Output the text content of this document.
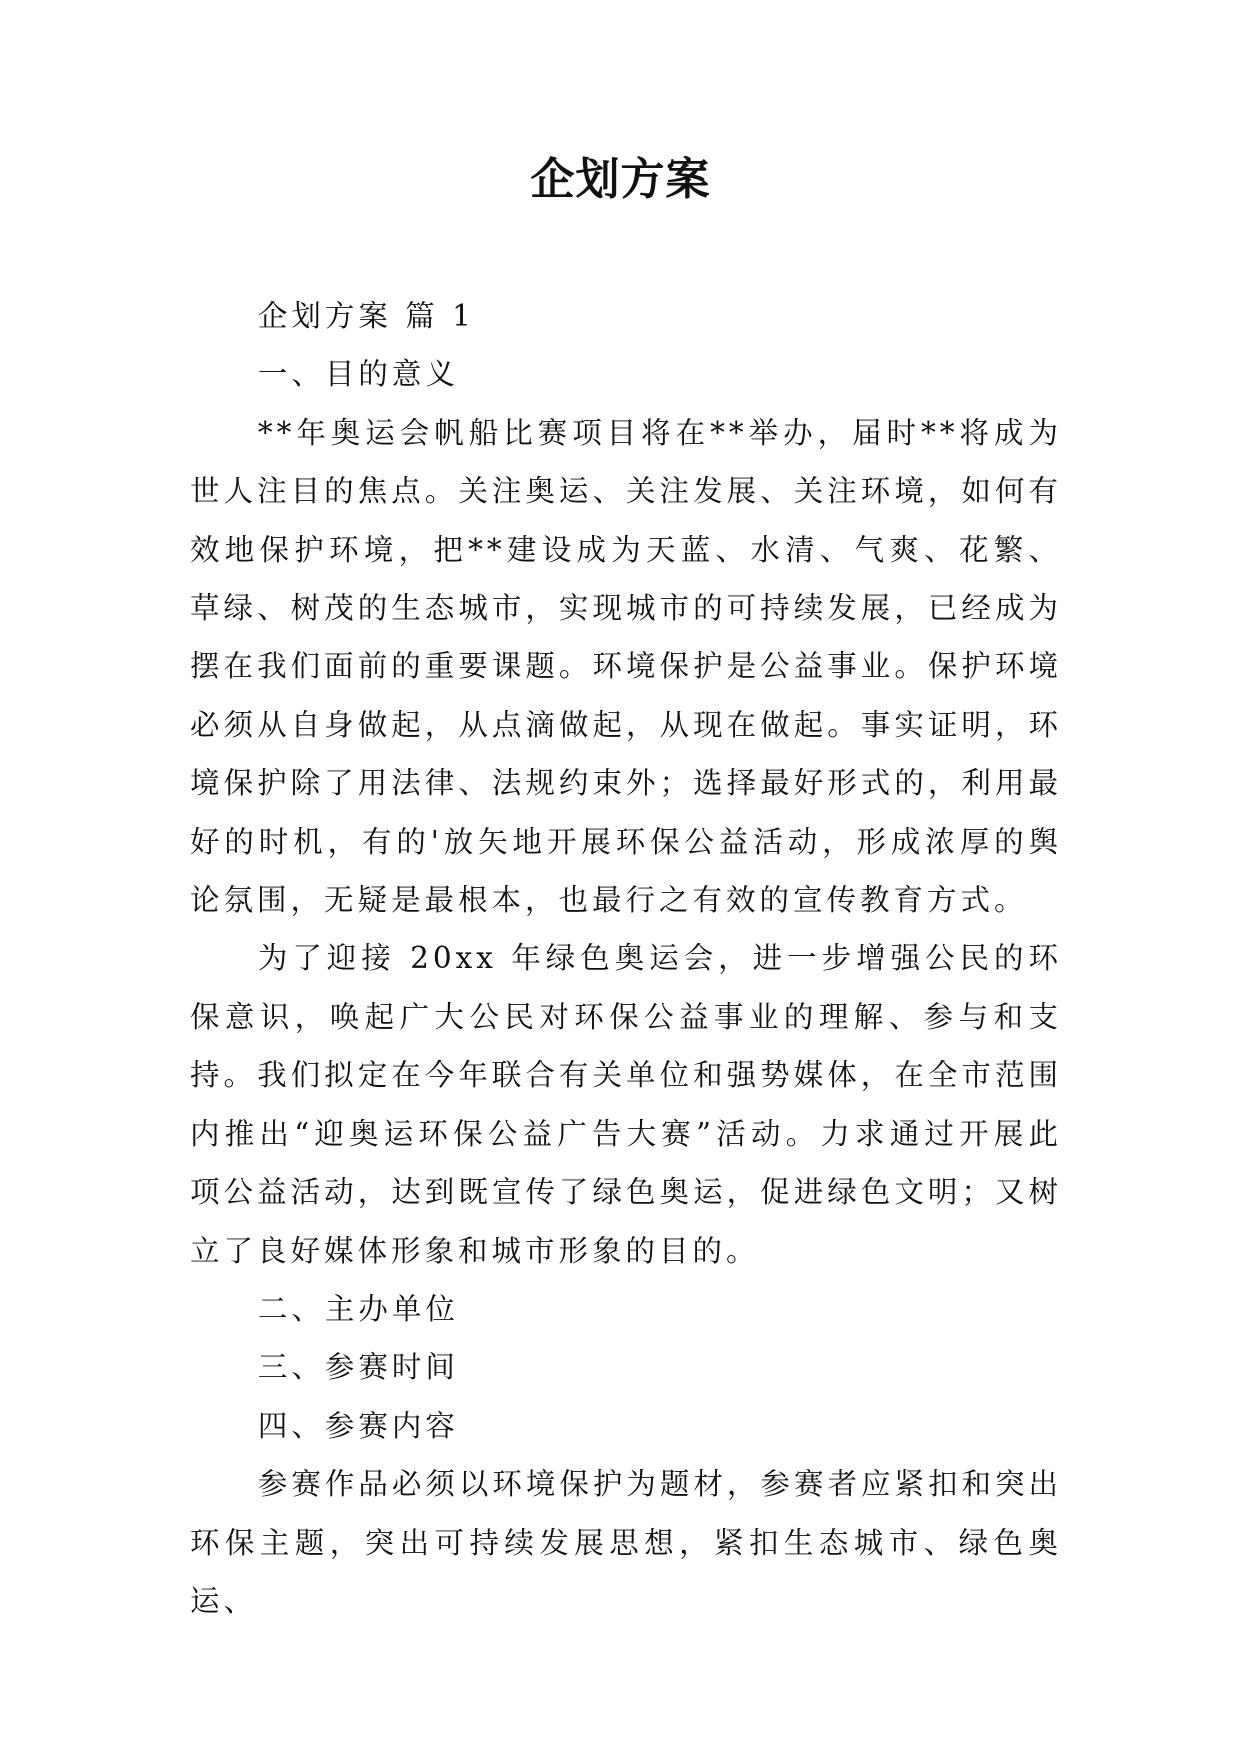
企划方案

企划方案 篇 1

一、目的意义

**年奥运会帆船比赛项目将在**举办，届时**将成为世人注目的焦点。关注奥运、关注发展、关注环境，如何有效地保护环境，把**建设成为天蓝、水清、气爽、花繁、草绿、树茂的生态城市，实现城市的可持续发展，已经成为摆在我们面前的重要课题。环境保护是公益事业。保护环境必须从自身做起，从点滴做起，从现在做起。事实证明，环境保护除了用法律、法规约束外；选择最好形式的，利用最好的时机，有的'放矢地开展环保公益活动，形成浓厚的舆论氛围，无疑是最根本，也最行之有效的宣传教育方式。

为了迎接 20xx 年绿色奥运会，进一步增强公民的环保意识，唤起广大公民对环保公益事业的理解、参与和支持。我们拟定在今年联合有关单位和强势媒体，在全市范围内推出“迎奥运环保公益广告大赛”活动。力求通过开展此项公益活动，达到既宣传了绿色奥运，促进绿色文明；又树立了良好媒体形象和城市形象的目的。

二、主办单位

三、参赛时间

四、参赛内容

参赛作品必须以环境保护为题材，参赛者应紧扣和突出环保主题，突出可持续发展思想，紧扣生态城市、绿色奥运、
